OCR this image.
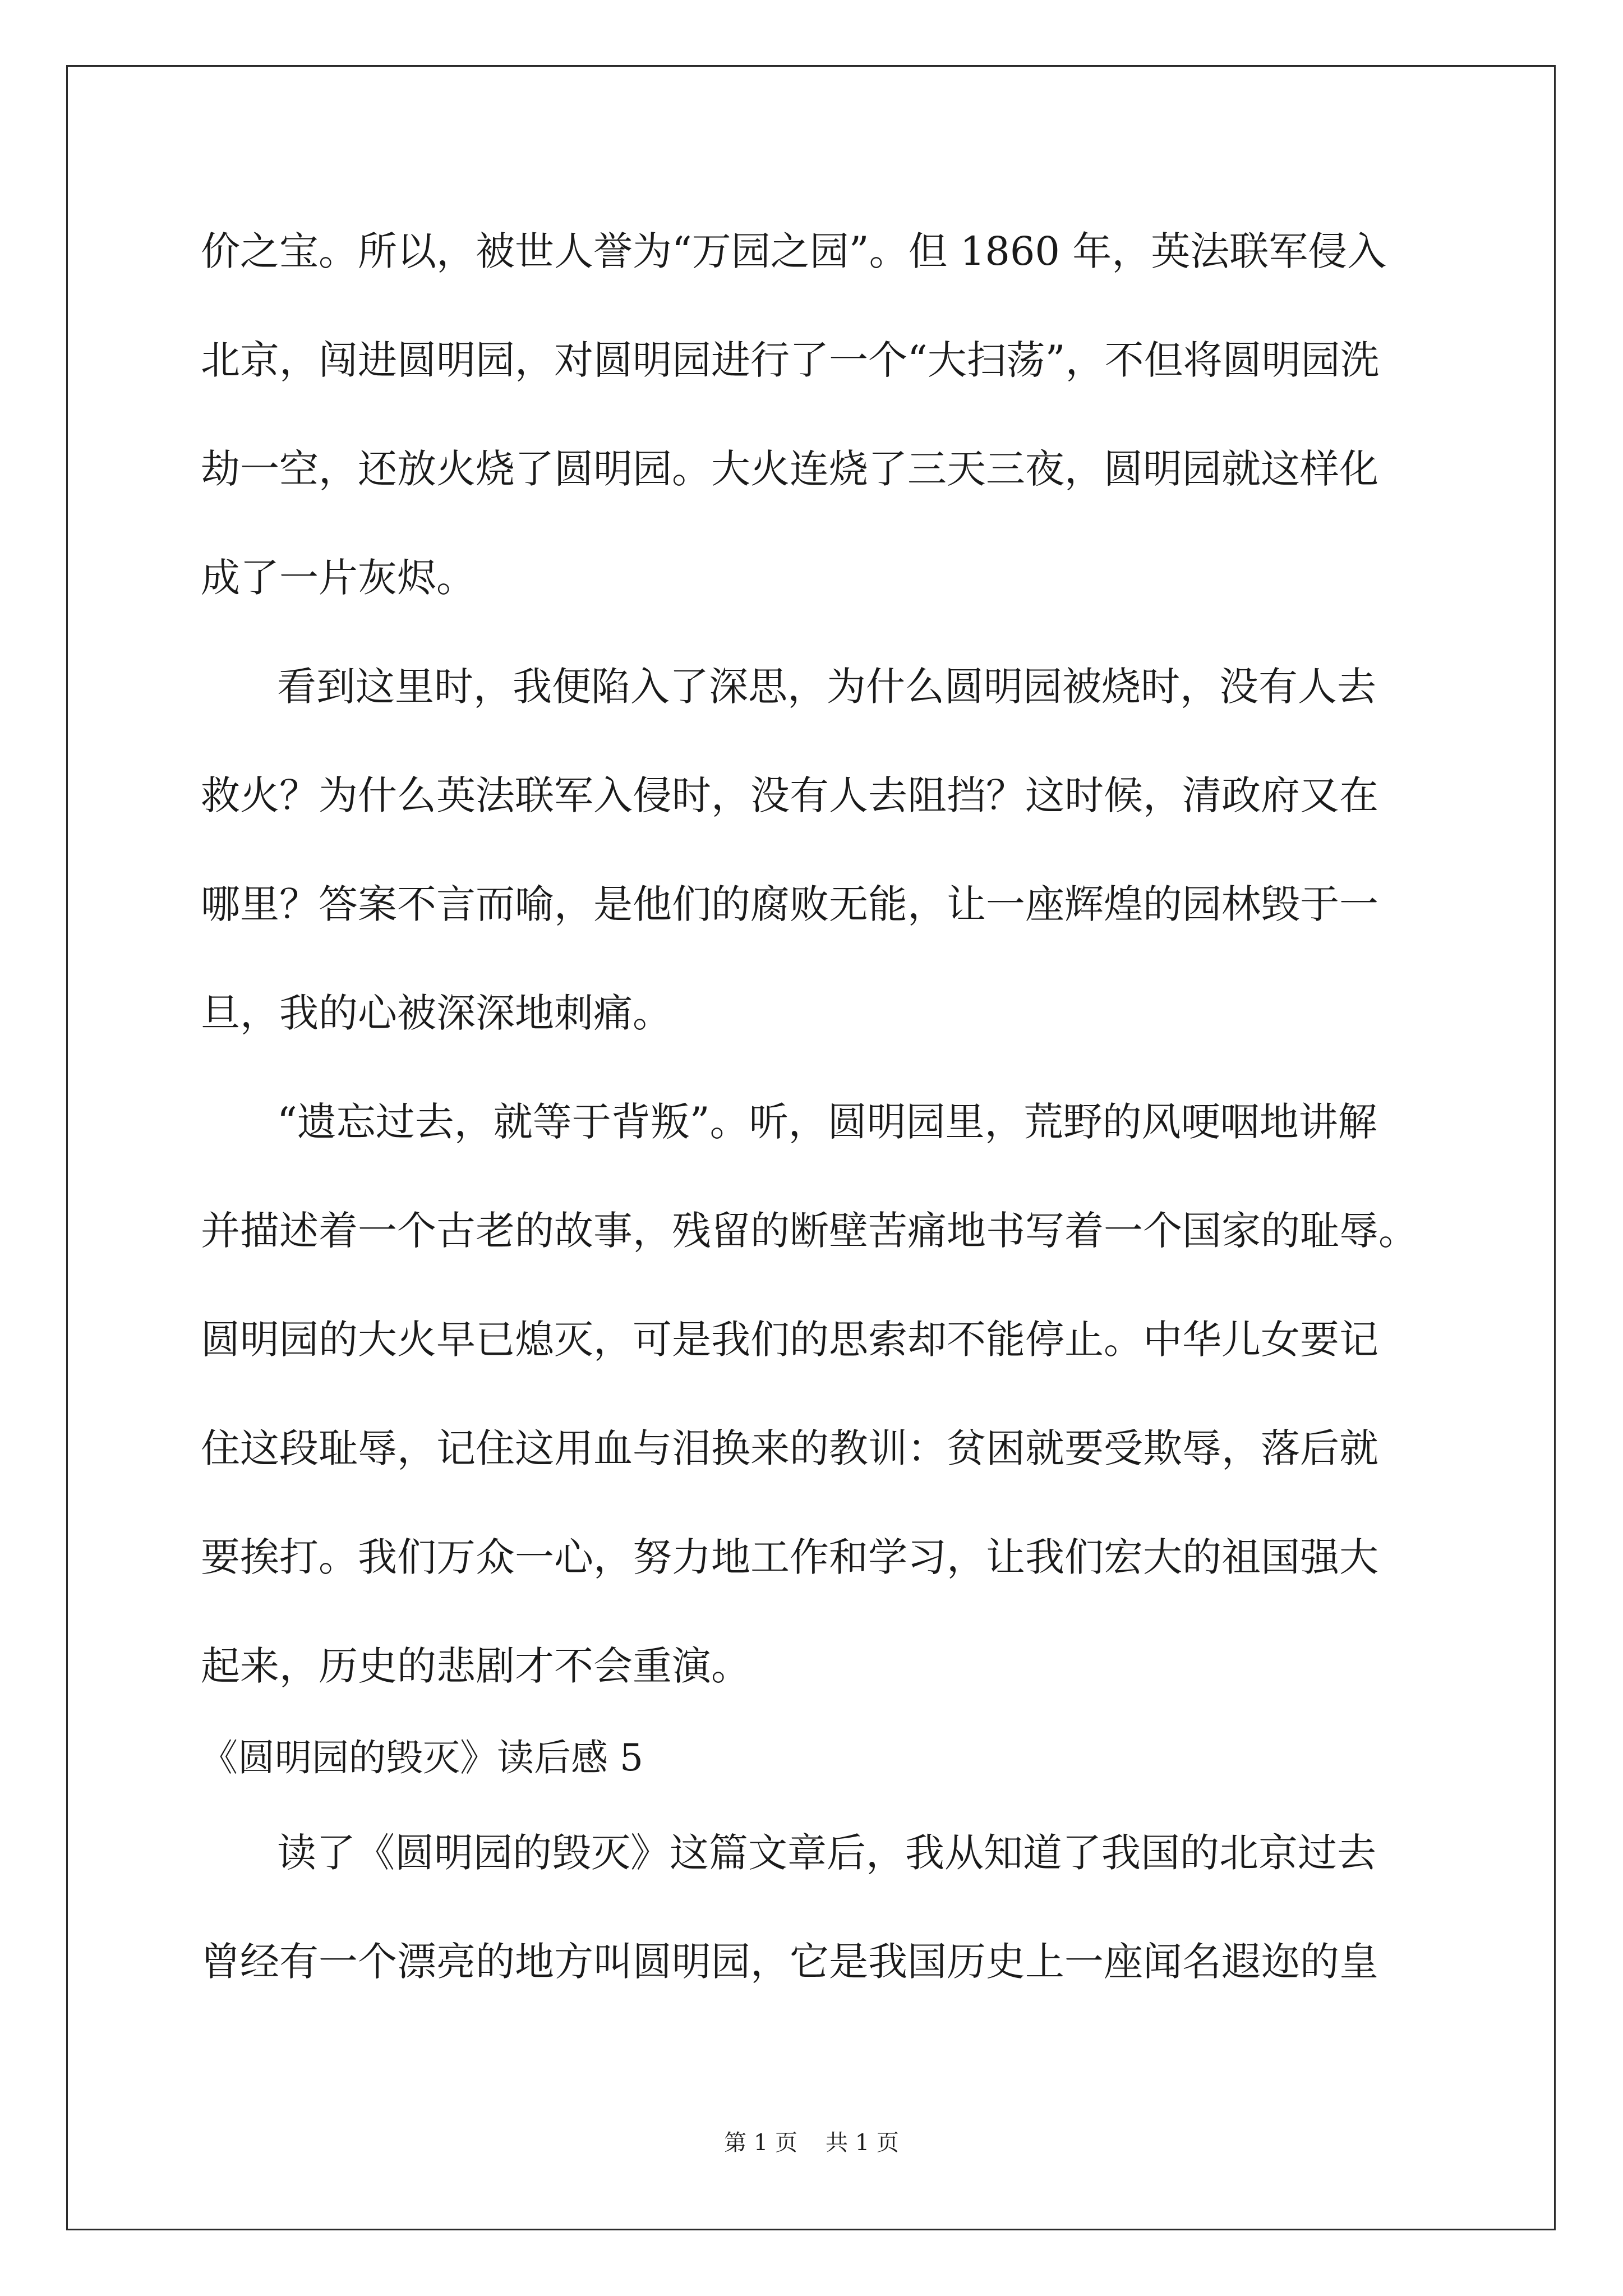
价之宝。所以，被世人誉为“万园之园”。但 1860 年，英法联军侵入
北京，闯进圆明园，对圆明园进行了一个“大扫荡”，不但将圆明园洗
劫一空，还放火烧了圆明园。大火连烧了三天三夜，圆明园就这样化
成了一片灰烬。
看到这里时，我便陷入了深思，为什么圆明园被烧时，没有人去
救火？为什么英法联军入侵时，没有人去阻挡？这时候，清政府又在
哪里？答案不言而喻，是他们的腐败无能，让一座辉煌的园林毁于一
旦，我的心被深深地刺痛。
“遗忘过去，就等于背叛”。听，圆明园里，荒野的风哽咽地讲解
并描述着一个古老的故事，残留的断壁苦痛地书写着一个国家的耻辱。
圆明园的大火早已熄灭，可是我们的思索却不能停止。中华儿女要记
住这段耻辱，记住这用血与泪换来的教训：贫困就要受欺辱，落后就
要挨打。我们万众一心，努力地工作和学习，让我们宏大的祖国强大
起来，历史的悲剧才不会重演。
《圆明园的毁灭》读后感 5
读了《圆明园的毁灭》这篇文章后，我从知道了我国的北京过去
曾经有一个漂亮的地方叫圆明园，它是我国历史上一座闻名遐迩的皇
第 1 页 共 1 页
